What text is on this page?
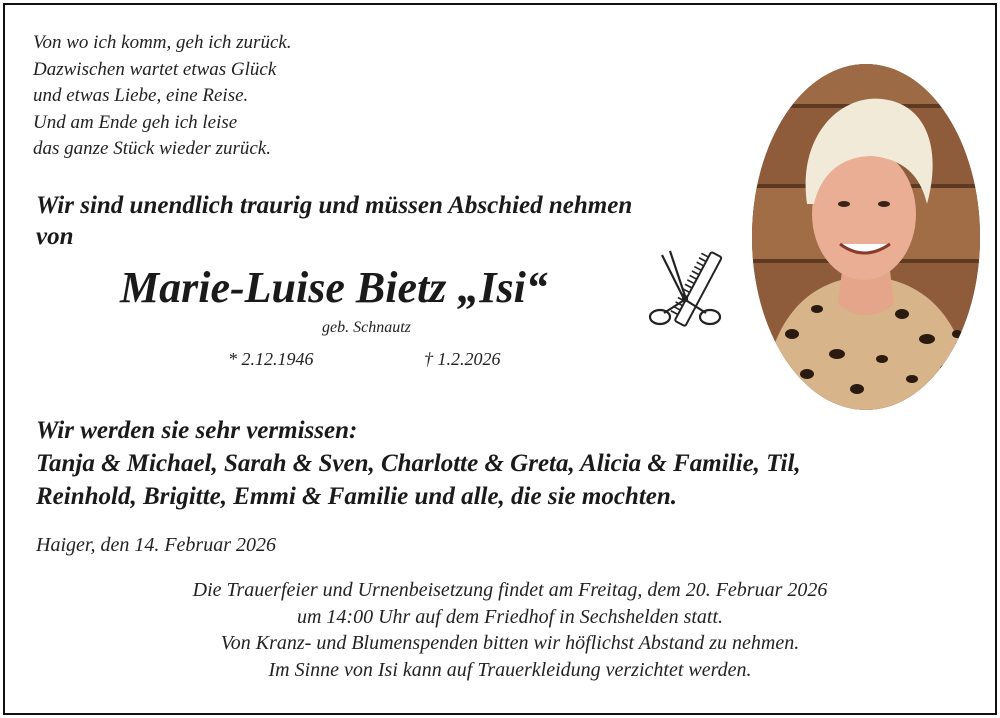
Von wo ich komm, geh ich zurück.
Dazwischen wartet etwas Glück
und etwas Liebe, eine Reise.
Und am Ende geh ich leise
das ganze Stück wieder zurück.
Wir sind unendlich traurig und müssen Abschied nehmen
von
Marie-Luise Bietz „Isi“
geb. Schnautz
* 2.12.1946	† 1.2.2026
Wir werden sie sehr vermissen:
Tanja & Michael, Sarah & Sven, Charlotte & Greta, Alicia & Familie, Til,
Reinhold, Brigitte, Emmi & Familie und alle, die sie mochten.
Haiger, den 14. Februar 2026
Die Trauerfeier und Urnenbeisetzung findet am Freitag, dem 20. Februar 2026
um 14:00 Uhr auf dem Friedhof in Sechshelden statt.
Von Kranz- und Blumenspenden bitten wir höflichst Abstand zu nehmen.
Im Sinne von Isi kann auf Trauerkleidung verzichtet werden.
